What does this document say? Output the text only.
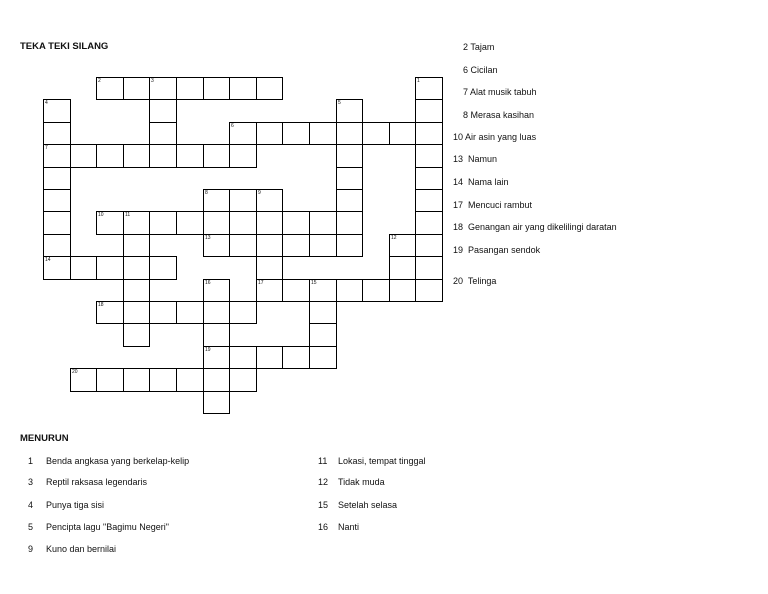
TEKA TEKI SILANG
2	3
6
7
8	9
10	11
13
14
17	15
18
19
20
1
4	5
12
16
2 Tajam
6 Cicilan
7 Alat musik tabuh
8 Merasa kasihan
10 Air asin yang luas
13 Namun
14 Nama lain
17 Mencuci rambut
18 Genangan air yang dikelilingi daratan
19 Pasangan sendok
20 Telinga
MENURUN
1 Benda angkasa yang berkelap-kelip
3 Reptil raksasa legendaris
4 Punya tiga sisi
5 Pencipta lagu "Bagimu Negeri"
9 Kuno dan bernilai
11 Lokasi, tempat tinggal
12 Tidak muda
15 Setelah selasa
16 Nanti
